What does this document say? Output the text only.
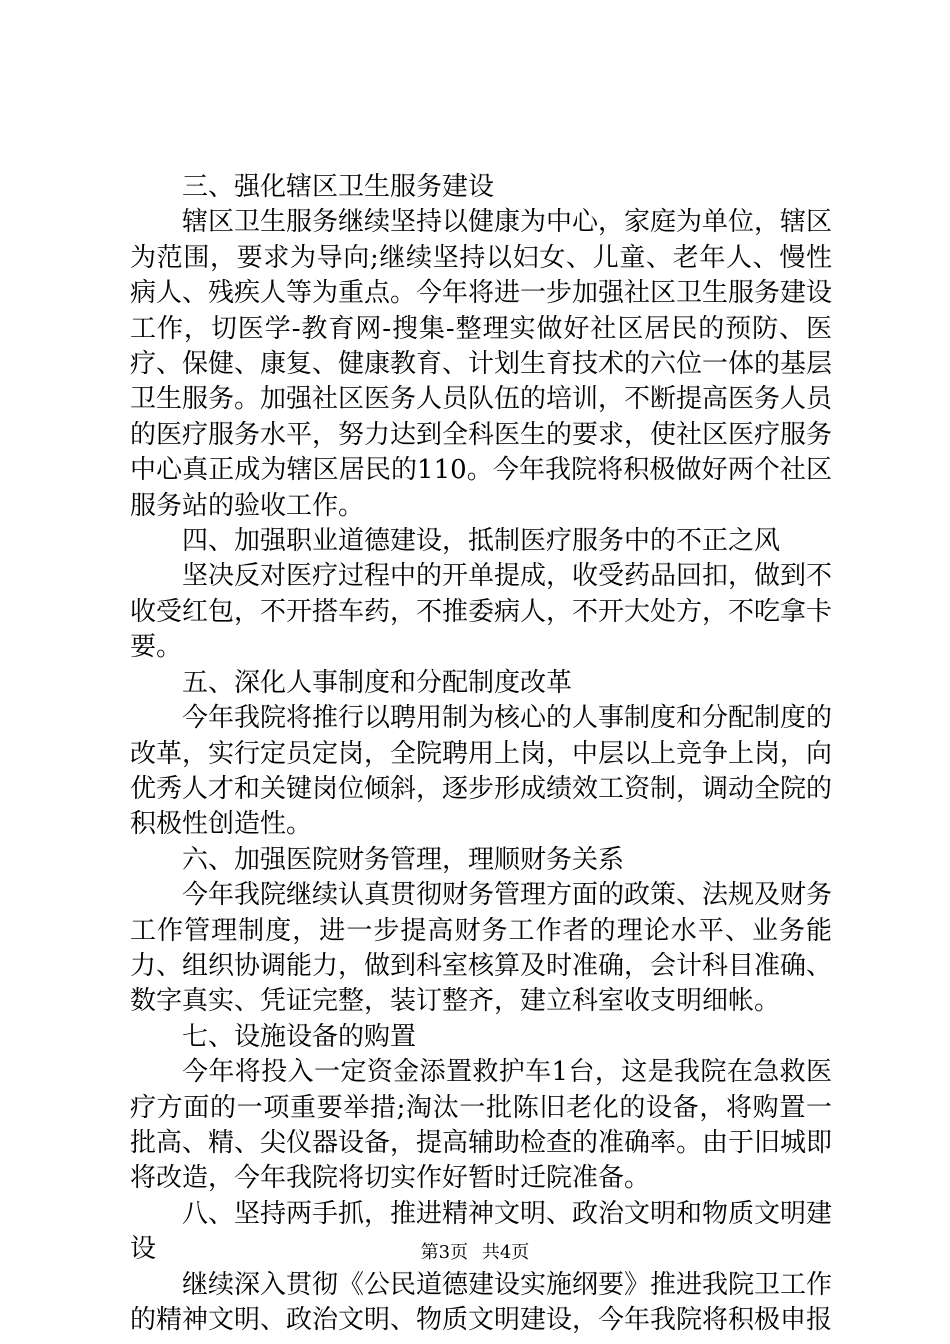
三、强化辖区卫生服务建设

辖区卫生服务继续坚持以健康为中心，家庭为单位，辖区为范围，要求为导向;继续坚持以妇女、儿童、老年人、慢性病人、残疾人等为重点。今年将进一步加强社区卫生服务建设工作，切医学-教育网-搜集-整理实做好社区居民的预防、医疗、保健、康复、健康教育、计划生育技术的六位一体的基层卫生服务。加强社区医务人员队伍的培训，不断提高医务人员的医疗服务水平，努力达到全科医生的要求，使社区医疗服务中心真正成为辖区居民的110。今年我院将积极做好两个社区服务站的验收工作。

四、加强职业道德建设，抵制医疗服务中的不正之风

坚决反对医疗过程中的开单提成，收受药品回扣，做到不收受红包，不开搭车药，不推委病人，不开大处方，不吃拿卡要。

五、深化人事制度和分配制度改革

今年我院将推行以聘用制为核心的人事制度和分配制度的改革，实行定员定岗，全院聘用上岗，中层以上竞争上岗，向优秀人才和关键岗位倾斜，逐步形成绩效工资制，调动全院的积极性创造性。

六、加强医院财务管理，理顺财务关系

今年我院继续认真贯彻财务管理方面的政策、法规及财务工作管理制度，进一步提高财务工作者的理论水平、业务能力、组织协调能力，做到科室核算及时准确，会计科目准确、数字真实、凭证完整，装订整齐，建立科室收支明细帐。

七、设施设备的购置

今年将投入一定资金添置救护车1台，这是我院在急救医疗方面的一项重要举措;淘汰一批陈旧老化的设备，将购置一批高、精、尖仪器设备，提高辅助检查的准确率。由于旧城即将改造，今年我院将切实作好暂时迁院准备。

八、坚持两手抓，推进精神文明、政治文明和物质文明建设

继续深入贯彻《公民道德建设实施纲要》推进我院卫工作的精神文明、政治文明、物质文明建设，今年我院将积极申报

第3页 共4页
